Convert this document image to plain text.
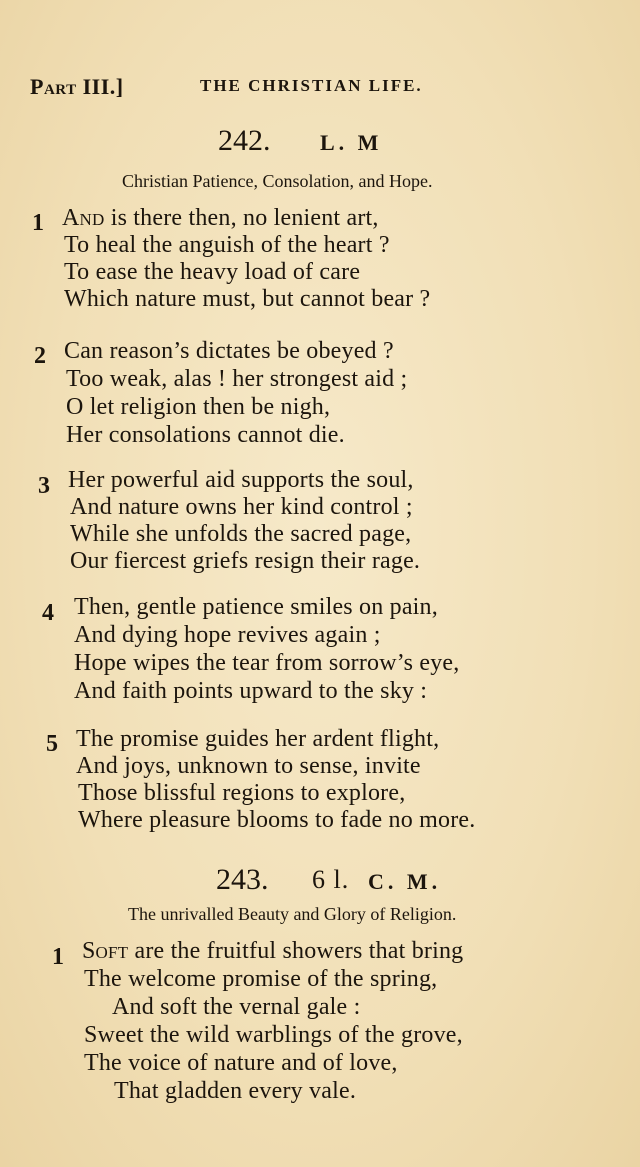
Part III.]	THE CHRISTIAN LIFE.
242. L. M
Christian Patience, Consolation, and Hope.
1 And is there then, no lenient art,
To heal the anguish of the heart ?
To ease the heavy load of care
Which nature must, but cannot bear ?
2 Can reason’s dictates be obeyed ?
Too weak, alas ! her strongest aid ;
O let religion then be nigh,
Her consolations cannot die.
3 Her powerful aid supports the soul,
And nature owns her kind control ;
While she unfolds the sacred page,
Our fiercest griefs resign their rage.
4 Then, gentle patience smiles on pain,
And dying hope revives again ;
Hope wipes the tear from sorrow’s eye,
And faith points upward to the sky :
5 The promise guides her ardent flight,
And joys, unknown to sense, invite
Those blissful regions to explore,
Where pleasure blooms to fade no more.
243. 6 l. C. M.
The unrivalled Beauty and Glory of Religion.
1 Soft are the fruitful showers that bring
The welcome promise of the spring,
And soft the vernal gale :
Sweet the wild warblings of the grove,
The voice of nature and of love,
That gladden every vale.
